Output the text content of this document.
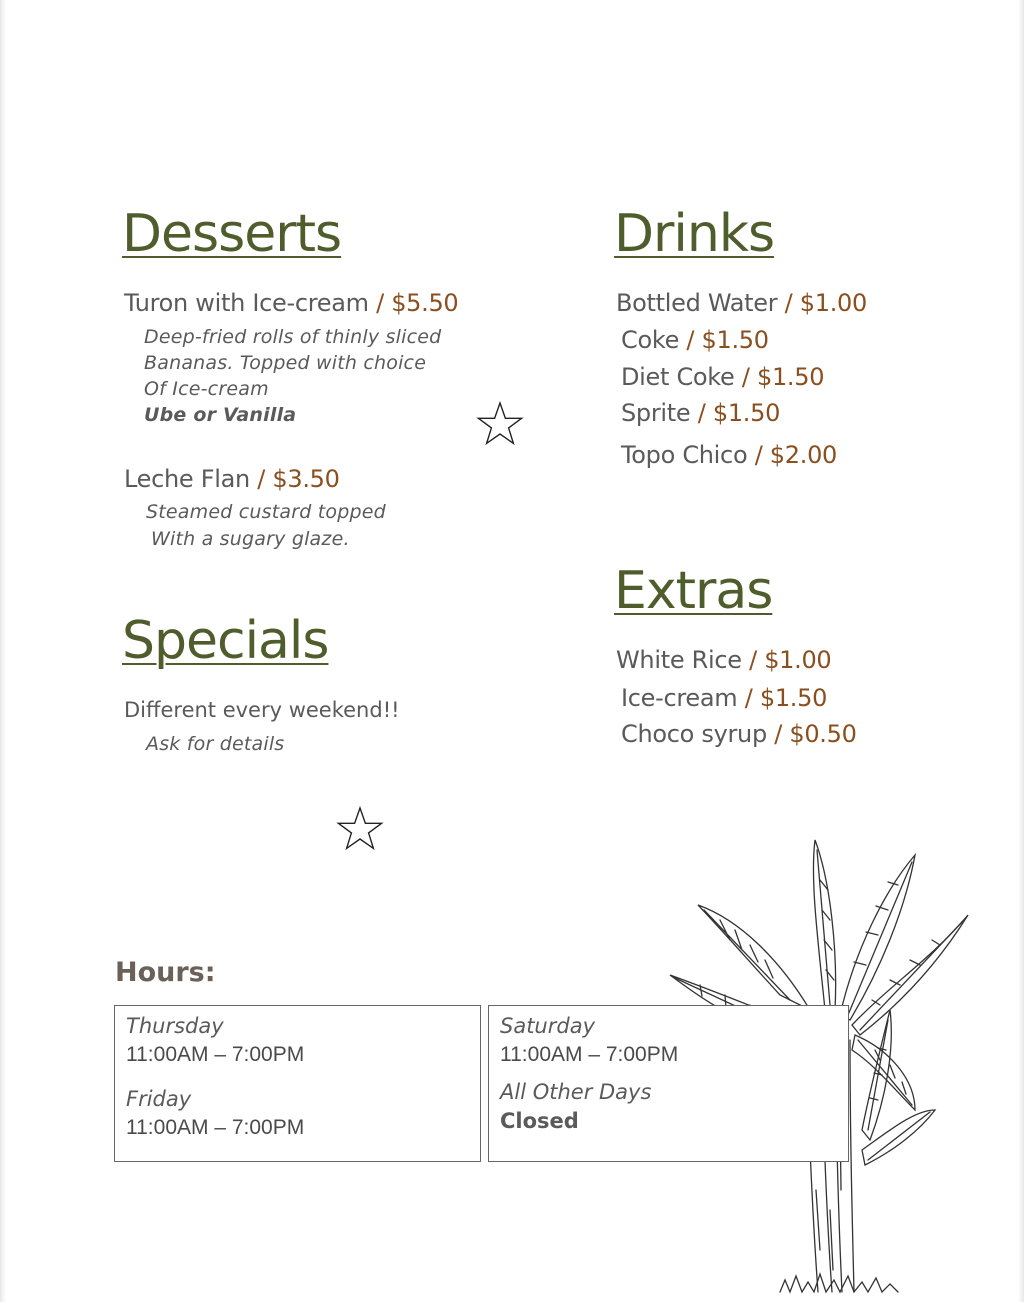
Desserts
Turon with Ice-cream / $5.50
Deep-fried rolls of thinly sliced
Bananas. Topped with choice
Of Ice-cream
Ube or Vanilla
Leche Flan / $3.50
Steamed custard topped
With a sugary glaze.
Drinks
Bottled Water / $1.00
Coke / $1.50
Diet Coke / $1.50
Sprite / $1.50
Topo Chico / $2.00
Specials
Different every weekend!!
Ask for details
Extras
White Rice / $1.00
Ice-cream / $1.50
Choco syrup / $0.50
Hours:
Thursday
11:00AM – 7:00PM
Friday
11:00AM – 7:00PM
Saturday
11:00AM – 7:00PM
All Other Days
Closed
